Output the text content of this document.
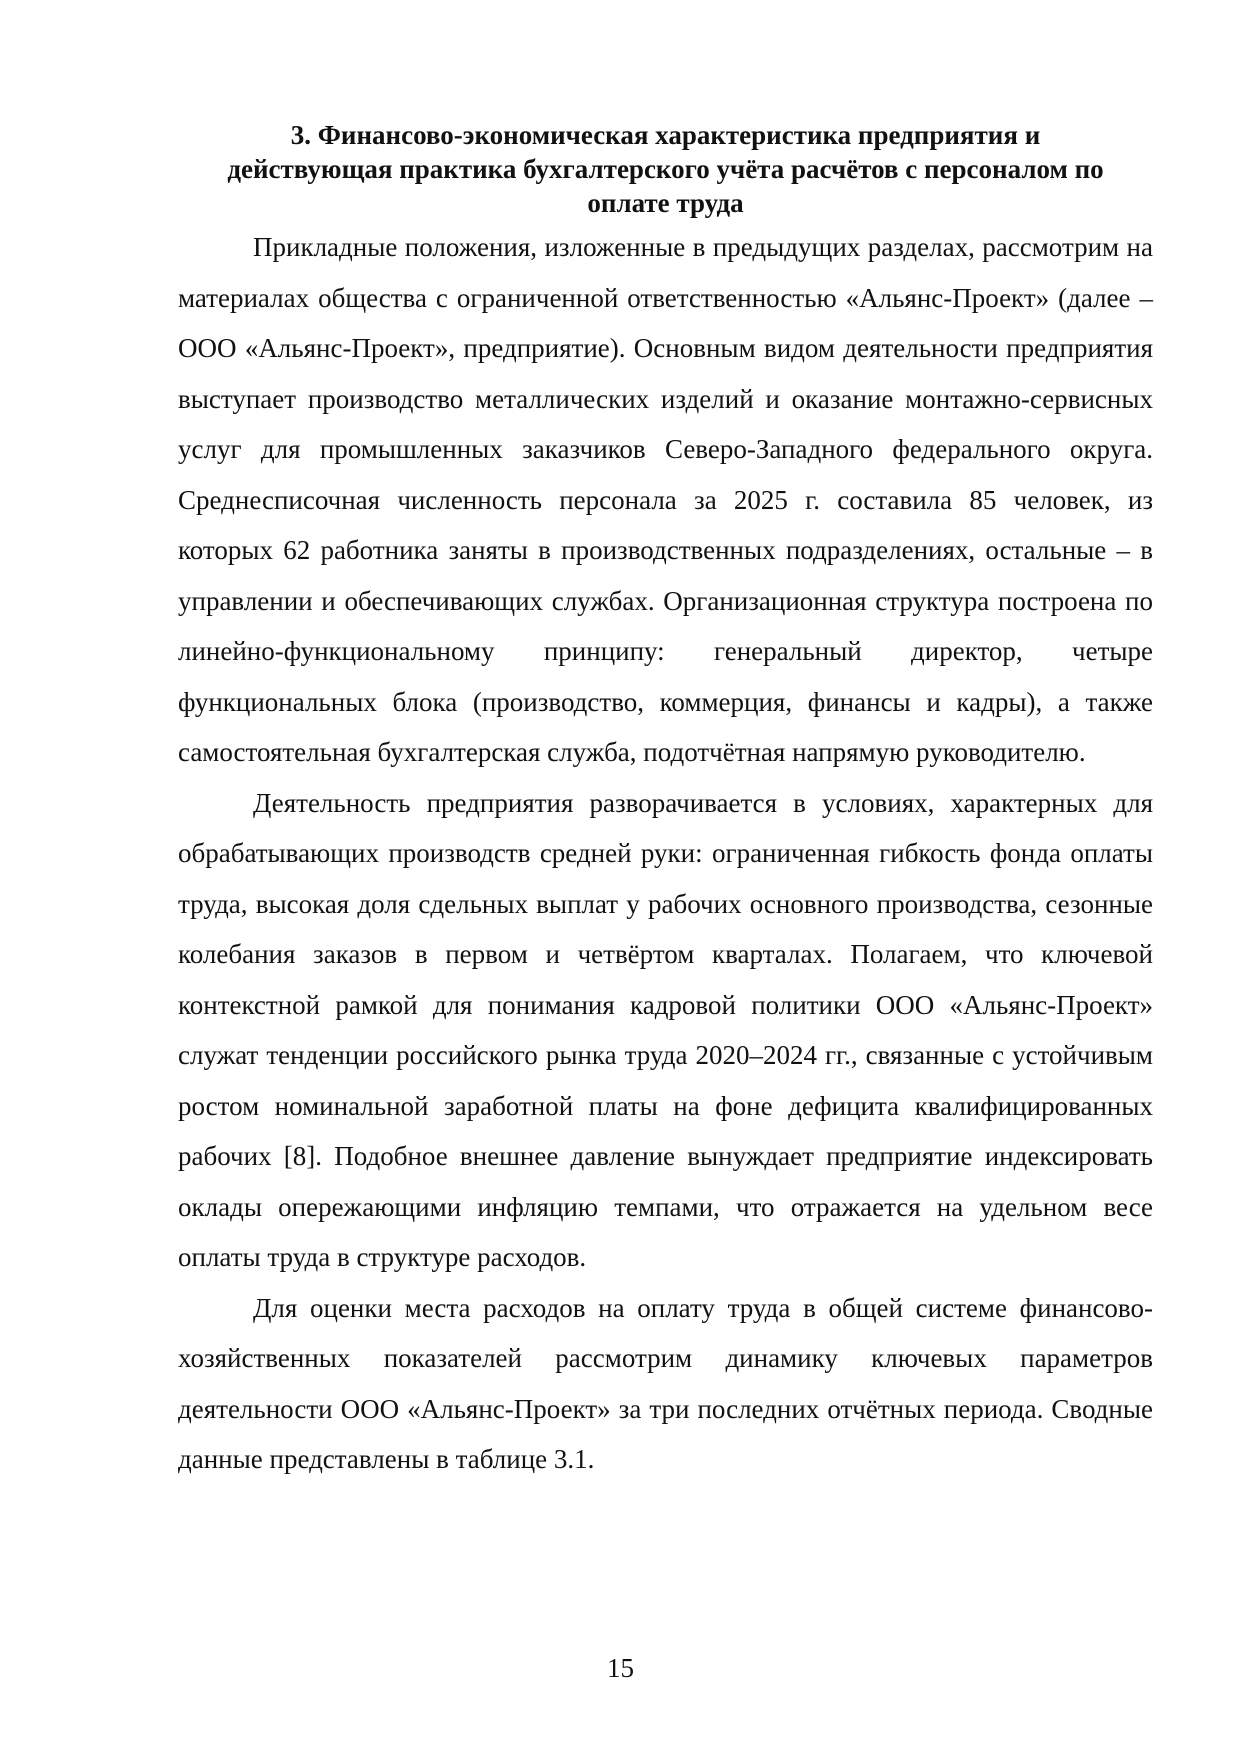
3. Финансово-экономическая характеристика предприятия и
действующая практика бухгалтерского учёта расчётов с персоналом по
оплате труда

Прикладные положения, изложенные в предыдущих разделах, рассмотрим на материалах общества с ограниченной ответственностью «Альянс-Проект» (далее – ООО «Альянс-Проект», предприятие). Основным видом деятельности предприятия выступает производство металлических изделий и оказание монтажно-сервисных услуг для промышленных заказчиков Северо-Западного федерального округа. Среднесписочная численность персонала за 2025 г. составила 85 человек, из которых 62 работника заняты в производственных подразделениях, остальные – в управлении и обеспечивающих службах. Организационная структура построена по линейно-функциональному принципу: генеральный директор, четыре функциональных блока (производство, коммерция, финансы и кадры), а также самостоятельная бухгалтерская служба, подотчётная напрямую руководителю.

Деятельность предприятия разворачивается в условиях, характерных для обрабатывающих производств средней руки: ограниченная гибкость фонда оплаты труда, высокая доля сдельных выплат у рабочих основного производства, сезонные колебания заказов в первом и четвёртом кварталах. Полагаем, что ключевой контекстной рамкой для понимания кадровой политики ООО «Альянс-Проект» служат тенденции российского рынка труда 2020–2024 гг., связанные с устойчивым ростом номинальной заработной платы на фоне дефицита квалифицированных рабочих [8]. Подобное внешнее давление вынуждает предприятие индексировать оклады опережающими инфляцию темпами, что отражается на удельном весе оплаты труда в структуре расходов.

Для оценки места расходов на оплату труда в общей системе финансово-хозяйственных показателей рассмотрим динамику ключевых параметров деятельности ООО «Альянс-Проект» за три последних отчётных периода. Сводные данные представлены в таблице 3.1.

15
